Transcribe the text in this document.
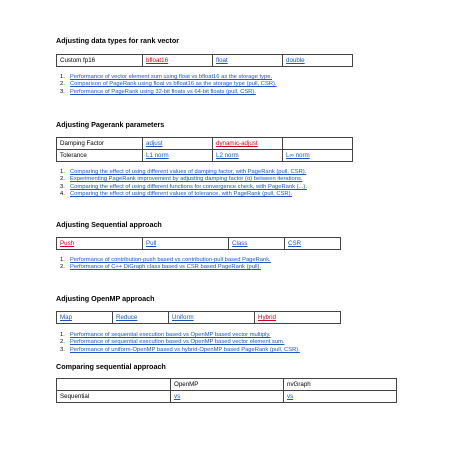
Adjusting data types for rank vector
Custom fp16	bfloat16	float	double
1. Performance of vector element sum using float vs bfloat16 as the storage type.
2. Comparison of PageRank using float vs bfloat16 as the storage type (pull, CSR).
3. Performance of PageRank using 32-bit floats vs 64-bit floats (pull, CSR).
Adjusting Pagerank parameters
Damping Factor	adjust	dynamic-adjust	
Tolerance	L1 norm	L2 norm	L∞ norm
1. Comparing the effect of using different values of damping factor, with PageRank (pull, CSR).
2. Experimenting PageRank improvement by adjusting damping factor (α) between iterations.
3. Comparing the effect of using different functions for convergence check, with PageRank (...).
4. Comparing the effect of using different values of tolerance, with PageRank (pull, CSR).
Adjusting Sequential approach
Push	Pull	Class	CSR
1. Performance of contribution-push based vs contribution-pull based PageRank.
2. Performance of C++ DiGraph class based vs CSR based PageRank (pull).
Adjusting OpenMP approach
Map	Reduce	Uniform	Hybrid
1. Performance of sequential execution based vs OpenMP based vector multiply.
2. Performance of sequential execution based vs OpenMP based vector element sum.
3. Performance of uniform-OpenMP based vs hybrid-OpenMP based PageRank (pull, CSR).
Comparing sequential approach
	OpenMP	nvGraph
Sequential	vs	vs
